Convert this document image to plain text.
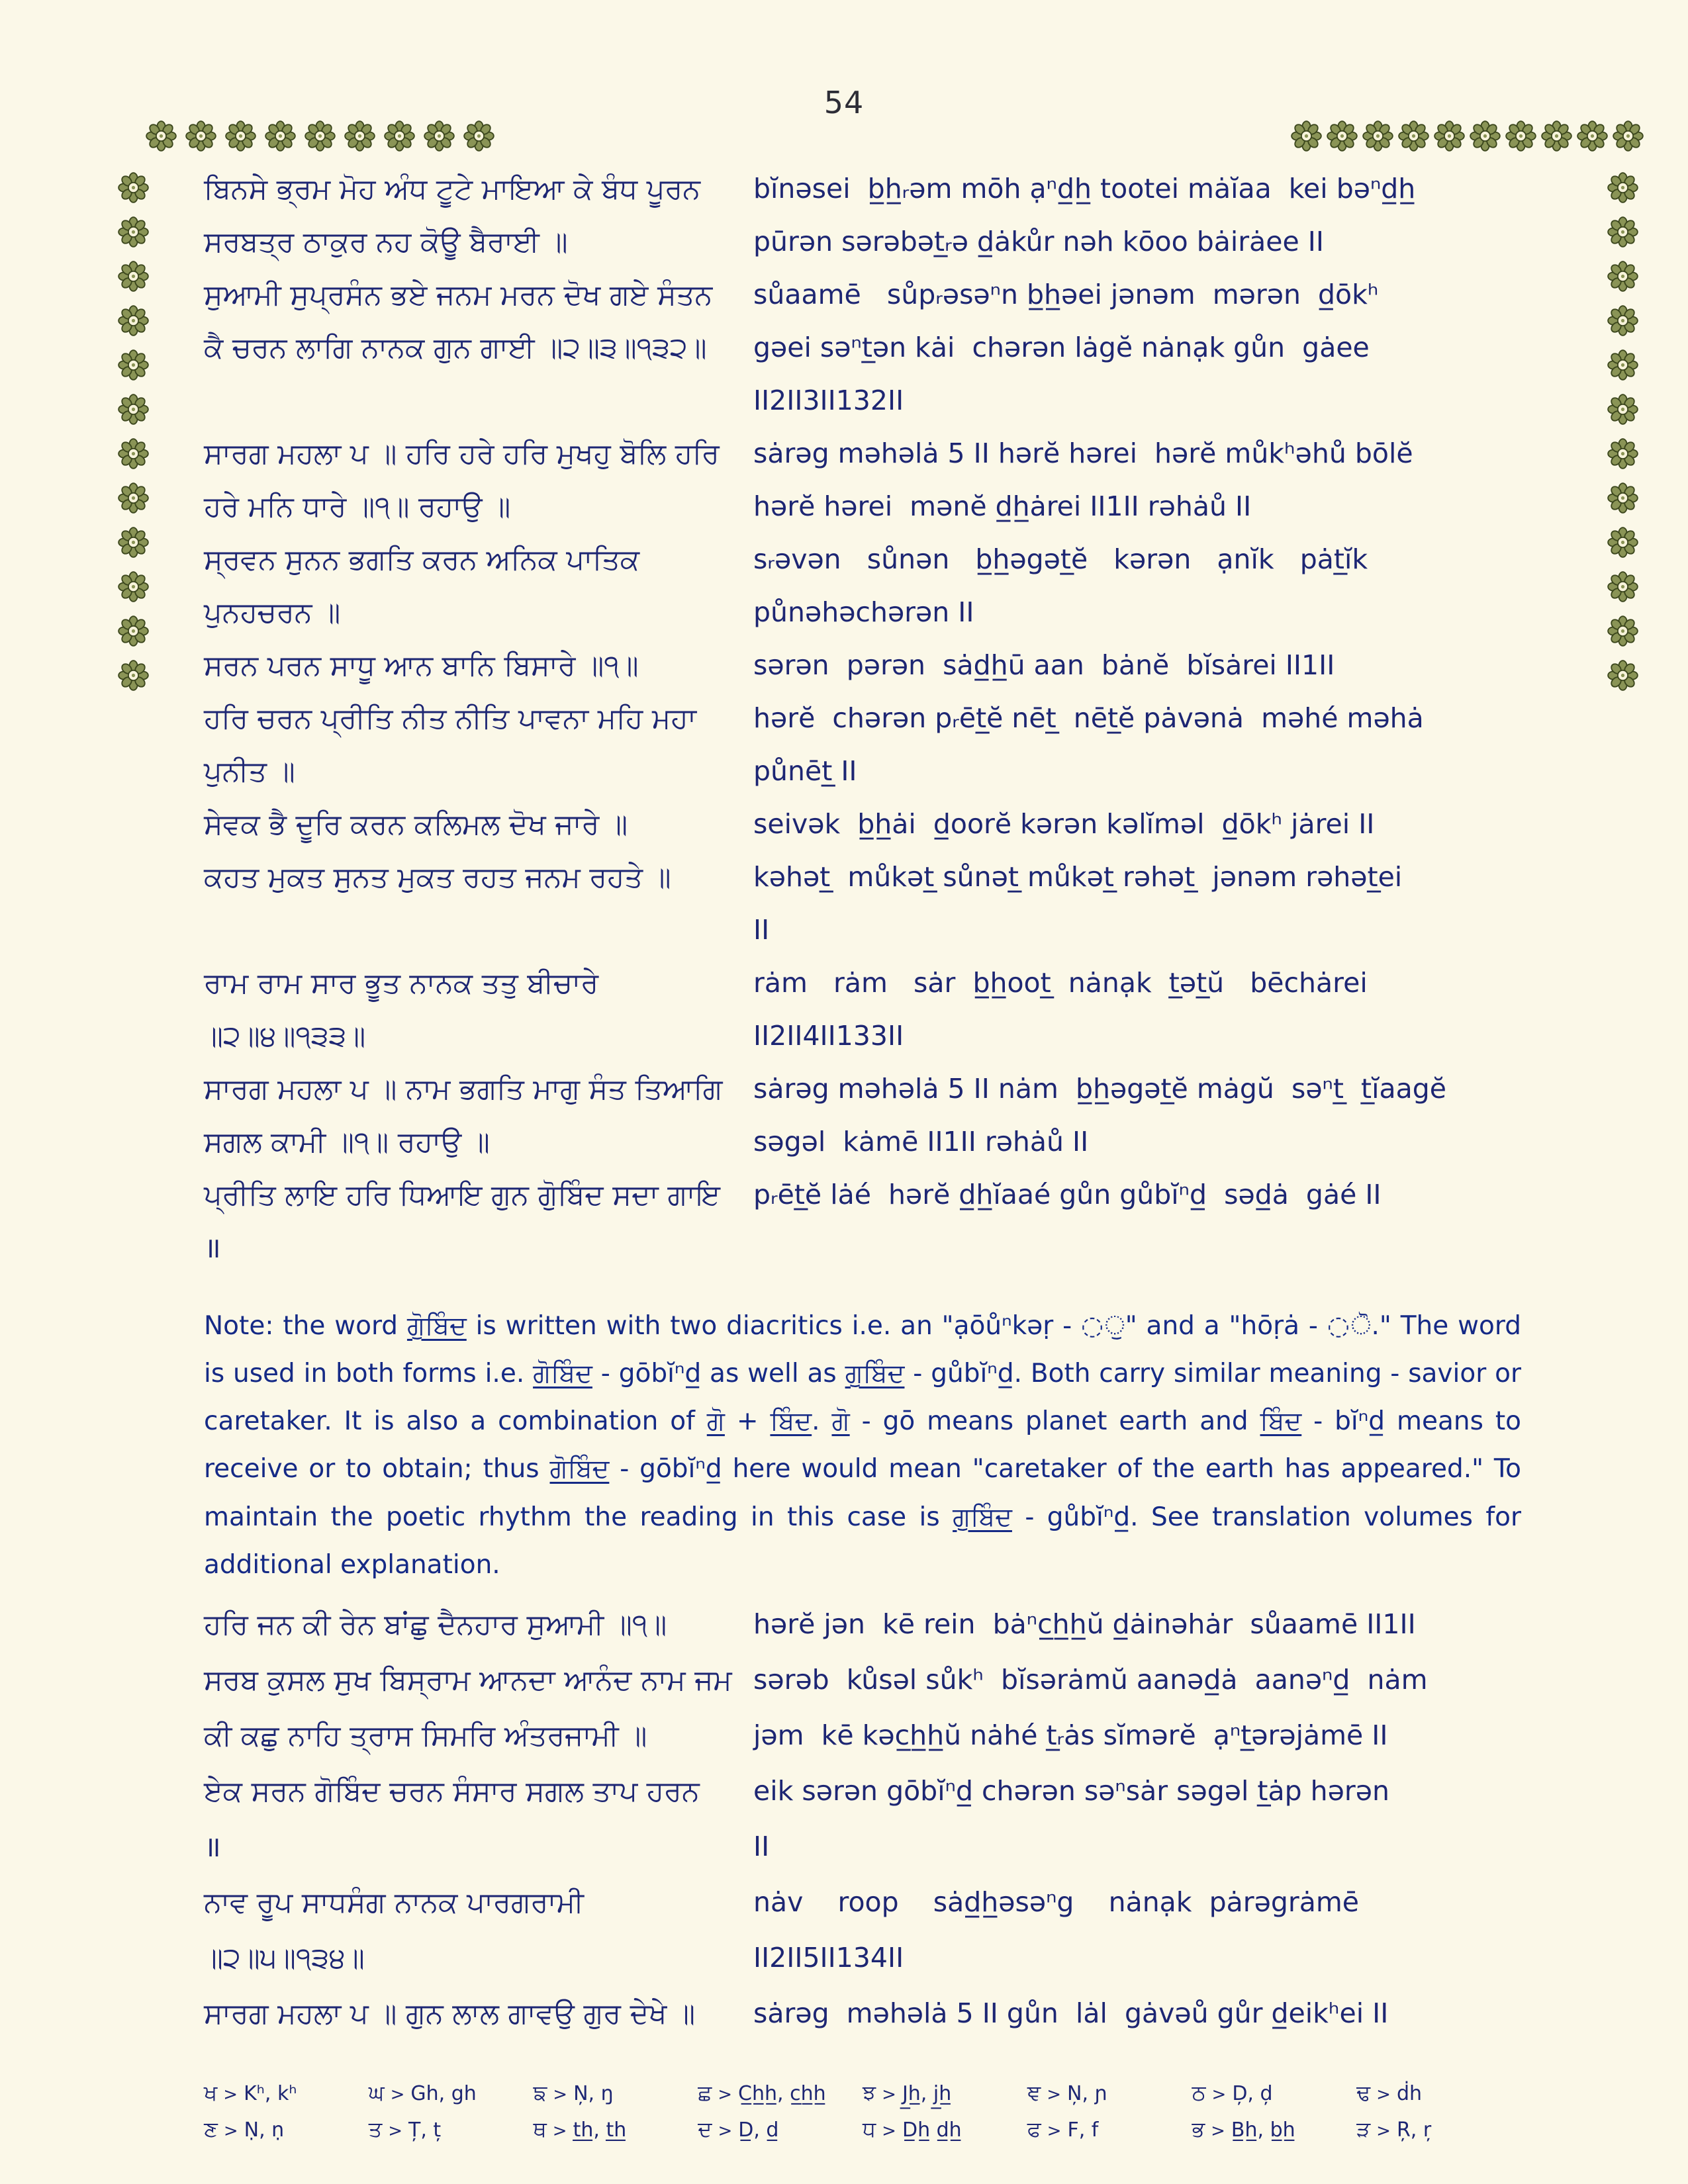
54
ਬਿਨਸੇ ਭ੍ਰਮ ਮੋਹ ਅੰਧ ਟੂਟੇ ਮਾਇਆ ਕੇ ਬੰਧ ਪੂਰਨ	bĭnəsei  b̲h̲ᵣəm mōh ạⁿd̲h̲ tootei mȧĭaa  kei bəⁿd̲h̲
ਸਰਬਤ੍ਰ ਠਾਕੁਰ ਨਹ ਕੋਊ ਬੈਰਾਈ ॥	pūrən sərəbət̲ᵣə d̲ȧkůr nəh kōoo bȧirȧee II
ਸੁਆਮੀ ਸੁਪ੍ਰਸੰਨ ਭਏ ਜਨਮ ਮਰਨ ਦੋਖ ਗਏ ਸੰਤਨ	sůaamē   sůpᵣəsəⁿn b̲h̲əei jənəm  mərən  d̲ōkʰ
ਕੈ ਚਰਨ ਲਾਗਿ ਨਾਨਕ ਗੁਨ ਗਾਈ ॥੨॥੩॥੧੩੨॥	gəei səⁿt̲ən kȧi  chərən lȧgĕ nȧnạk gůn  gȧee
II2II3II132II
ਸਾਰਗ ਮਹਲਾ ਪ ॥ ਹਰਿ ਹਰੇ ਹਰਿ ਮੁਖਹੁ ਬੋਲਿ ਹਰਿ	sȧrəg məhəlȧ 5 II hərĕ hərei  hərĕ můkʰəhů bōlĕ
ਹਰੇ ਮਨਿ ਧਾਰੇ ॥੧॥ ਰਹਾਉ ॥	hərĕ hərei  mənĕ d̲h̲ȧrei II1II rəhȧů II
ਸ੍ਰਵਨ ਸੁਨਨ ਭਗਤਿ ਕਰਨ ਅਨਿਕ ਪਾਤਿਕ	sᵣəvən   sůnən   b̲h̲əgət̲ĕ   kərən   ạnĭk   pȧt̲ĭk
ਪੁਨਹਚਰਨ ॥	půnəhəchərən II
ਸਰਨ ਪਰਨ ਸਾਧੂ ਆਨ ਬਾਨਿ ਬਿਸਾਰੇ ॥੧॥	sərən  pərən  sȧd̲h̲ū aan  bȧnĕ  bĭsȧrei II1II
ਹਰਿ ਚਰਨ ਪ੍ਰੀਤਿ ਨੀਤ ਨੀਤਿ ਪਾਵਨਾ ਮਹਿ ਮਹਾ	hərĕ  chərən pᵣēt̲ĕ nēt̲  nēt̲ĕ pȧvənȧ  məhé məhȧ
ਪੁਨੀਤ ॥	půnēt̲ II
ਸੇਵਕ ਭੈ ਦੂਰਿ ਕਰਨ ਕਲਿਮਲ ਦੋਖ ਜਾਰੇ ॥	seivək  b̲h̲ȧi  d̲oorĕ kərən kəlĭməl  d̲ōkʰ jȧrei II
ਕਹਤ ਮੁਕਤ ਸੁਨਤ ਮੁਕਤ ਰਹਤ ਜਨਮ ਰਹਤੇ ॥	kəhət̲  můkət̲ sůnət̲ můkət̲ rəhət̲  jənəm rəhət̲ei
II
ਰਾਮ ਰਾਮ ਸਾਰ ਭੂਤ ਨਾਨਕ ਤਤੁ ਬੀਚਾਰੇ	rȧm   rȧm   sȧr  b̲h̲oot̲  nȧnạk  t̲ət̲ŭ   bēchȧrei
॥੨॥੪॥੧੩੩॥	II2II4II133II
ਸਾਰਗ ਮਹਲਾ ਪ ॥ ਨਾਮ ਭਗਤਿ ਮਾਗੁ ਸੰਤ ਤਿਆਗਿ	sȧrəg məhəlȧ 5 II nȧm  b̲h̲əgət̲ĕ mȧgŭ  səⁿt̲  t̲ĭaagĕ
ਸਗਲ ਕਾਮੀ ॥੧॥ ਰਹਾਉ ॥	səgəl  kȧmē II1II rəhȧů II
ਪ੍ਰੀਤਿ ਲਾਇ ਹਰਿ ਧਿਆਇ ਗੁਨ ਗੋੁਬਿੰਦ ਸਦਾ ਗਾਇ	pᵣēt̲ĕ lȧé  hərĕ d̲h̲ĭaaé gůn gůbĭⁿd̲  səd̲ȧ  gȧé II
॥

Note: the word ਗੋੁਬਿੰਦ is written with two diacritics i.e. an "ạōůⁿkəṛ - ◌ੁ" and a "hōṛȧ - ◌ੋ." The word is used in both forms i.e. ਗੋਬਿੰਦ - gōbĭⁿd̲ as well as ਗੁਬਿੰਦ - gůbĭⁿd̲. Both carry similar meaning - savior or caretaker. It is also a combination of ਗੋ + ਬਿੰਦ. ਗੋ - gō means planet earth and ਬਿੰਦ - bĭⁿd̲ means to receive or to obtain; thus ਗੋਬਿੰਦ - gōbĭⁿd̲ here would mean "caretaker of the earth has appeared." To maintain the poetic rhythm the reading in this case is ਗੁਬਿੰਦ - gůbĭⁿd̲. See translation volumes for additional explanation.

ਹਰਿ ਜਨ ਕੀ ਰੇਨ ਬਾਂਛੁ ਦੈਨਹਾਰ ਸੁਆਮੀ ॥੧॥	hərĕ jən  kē rein  bȧⁿc̲h̲h̲ŭ d̲ȧinəhȧr  sůaamē II1II
ਸਰਬ ਕੁਸਲ ਸੁਖ ਬਿਸ੍ਰਾਮ ਆਨਦਾ ਆਨੰਦ ਨਾਮ ਜਮ sərəb  kůsəl sůkʰ  bĭsərȧmŭ aanəd̲ȧ  aanəⁿd̲  nȧm
ਕੀ ਕਛੁ ਨਾਹਿ ਤ੍ਰਾਸ ਸਿਮਰਿ ਅੰਤਰਜਾਮੀ ॥	jəm  kē kəc̲h̲h̲ŭ nȧhé t̲ᵣȧs sĭmərĕ  ạⁿt̲ərəjȧmē II
ਏਕ ਸਰਨ ਗੋਬਿੰਦ ਚਰਨ ਸੰਸਾਰ ਸਗਲ ਤਾਪ ਹਰਨ	eik sərən gōbĭⁿd̲ chərən səⁿsȧr səgəl t̲ȧp hərən
॥	II
ਨਾਵ ਰੂਪ ਸਾਧਸੰਗ ਨਾਨਕ ਪਾਰਗਰਾਮੀ	nȧv    roop    sȧd̲h̲əsəⁿg    nȧnạk  pȧrəgrȧmē
॥੨॥੫॥੧੩੪॥	II2II5II134II
ਸਾਰਗ ਮਹਲਾ ਪ ॥ ਗੁਨ ਲਾਲ ਗਾਵਉ ਗੁਰ ਦੇਖੇ ॥	sȧrəg  məhəlȧ 5 II gůn  lȧl  gȧvəů gůr d̲eikʰei II
ਖ > Kʰ, kʰ	ਘ > Gh, gh	ਙ > N̦, ŋ	ਛ > C̲h̲h̲, c̲h̲h̲	ਝ > J̲h̲, j̲h̲	ਞ > N̦, ɲ	ਠ > D̦, d̦	ਢ > ḋh
ਣ > Ṇ, ṇ	ਤ > Ț, ț	ਥ > t̲h̲, t̲h̲	ਦ > D̲, d̲	ਧ > D̲h̲ d̲h̲	ਫ > F, f	ਭ > B̲h̲, b̲h̲	ੜ > R̦, r̦
